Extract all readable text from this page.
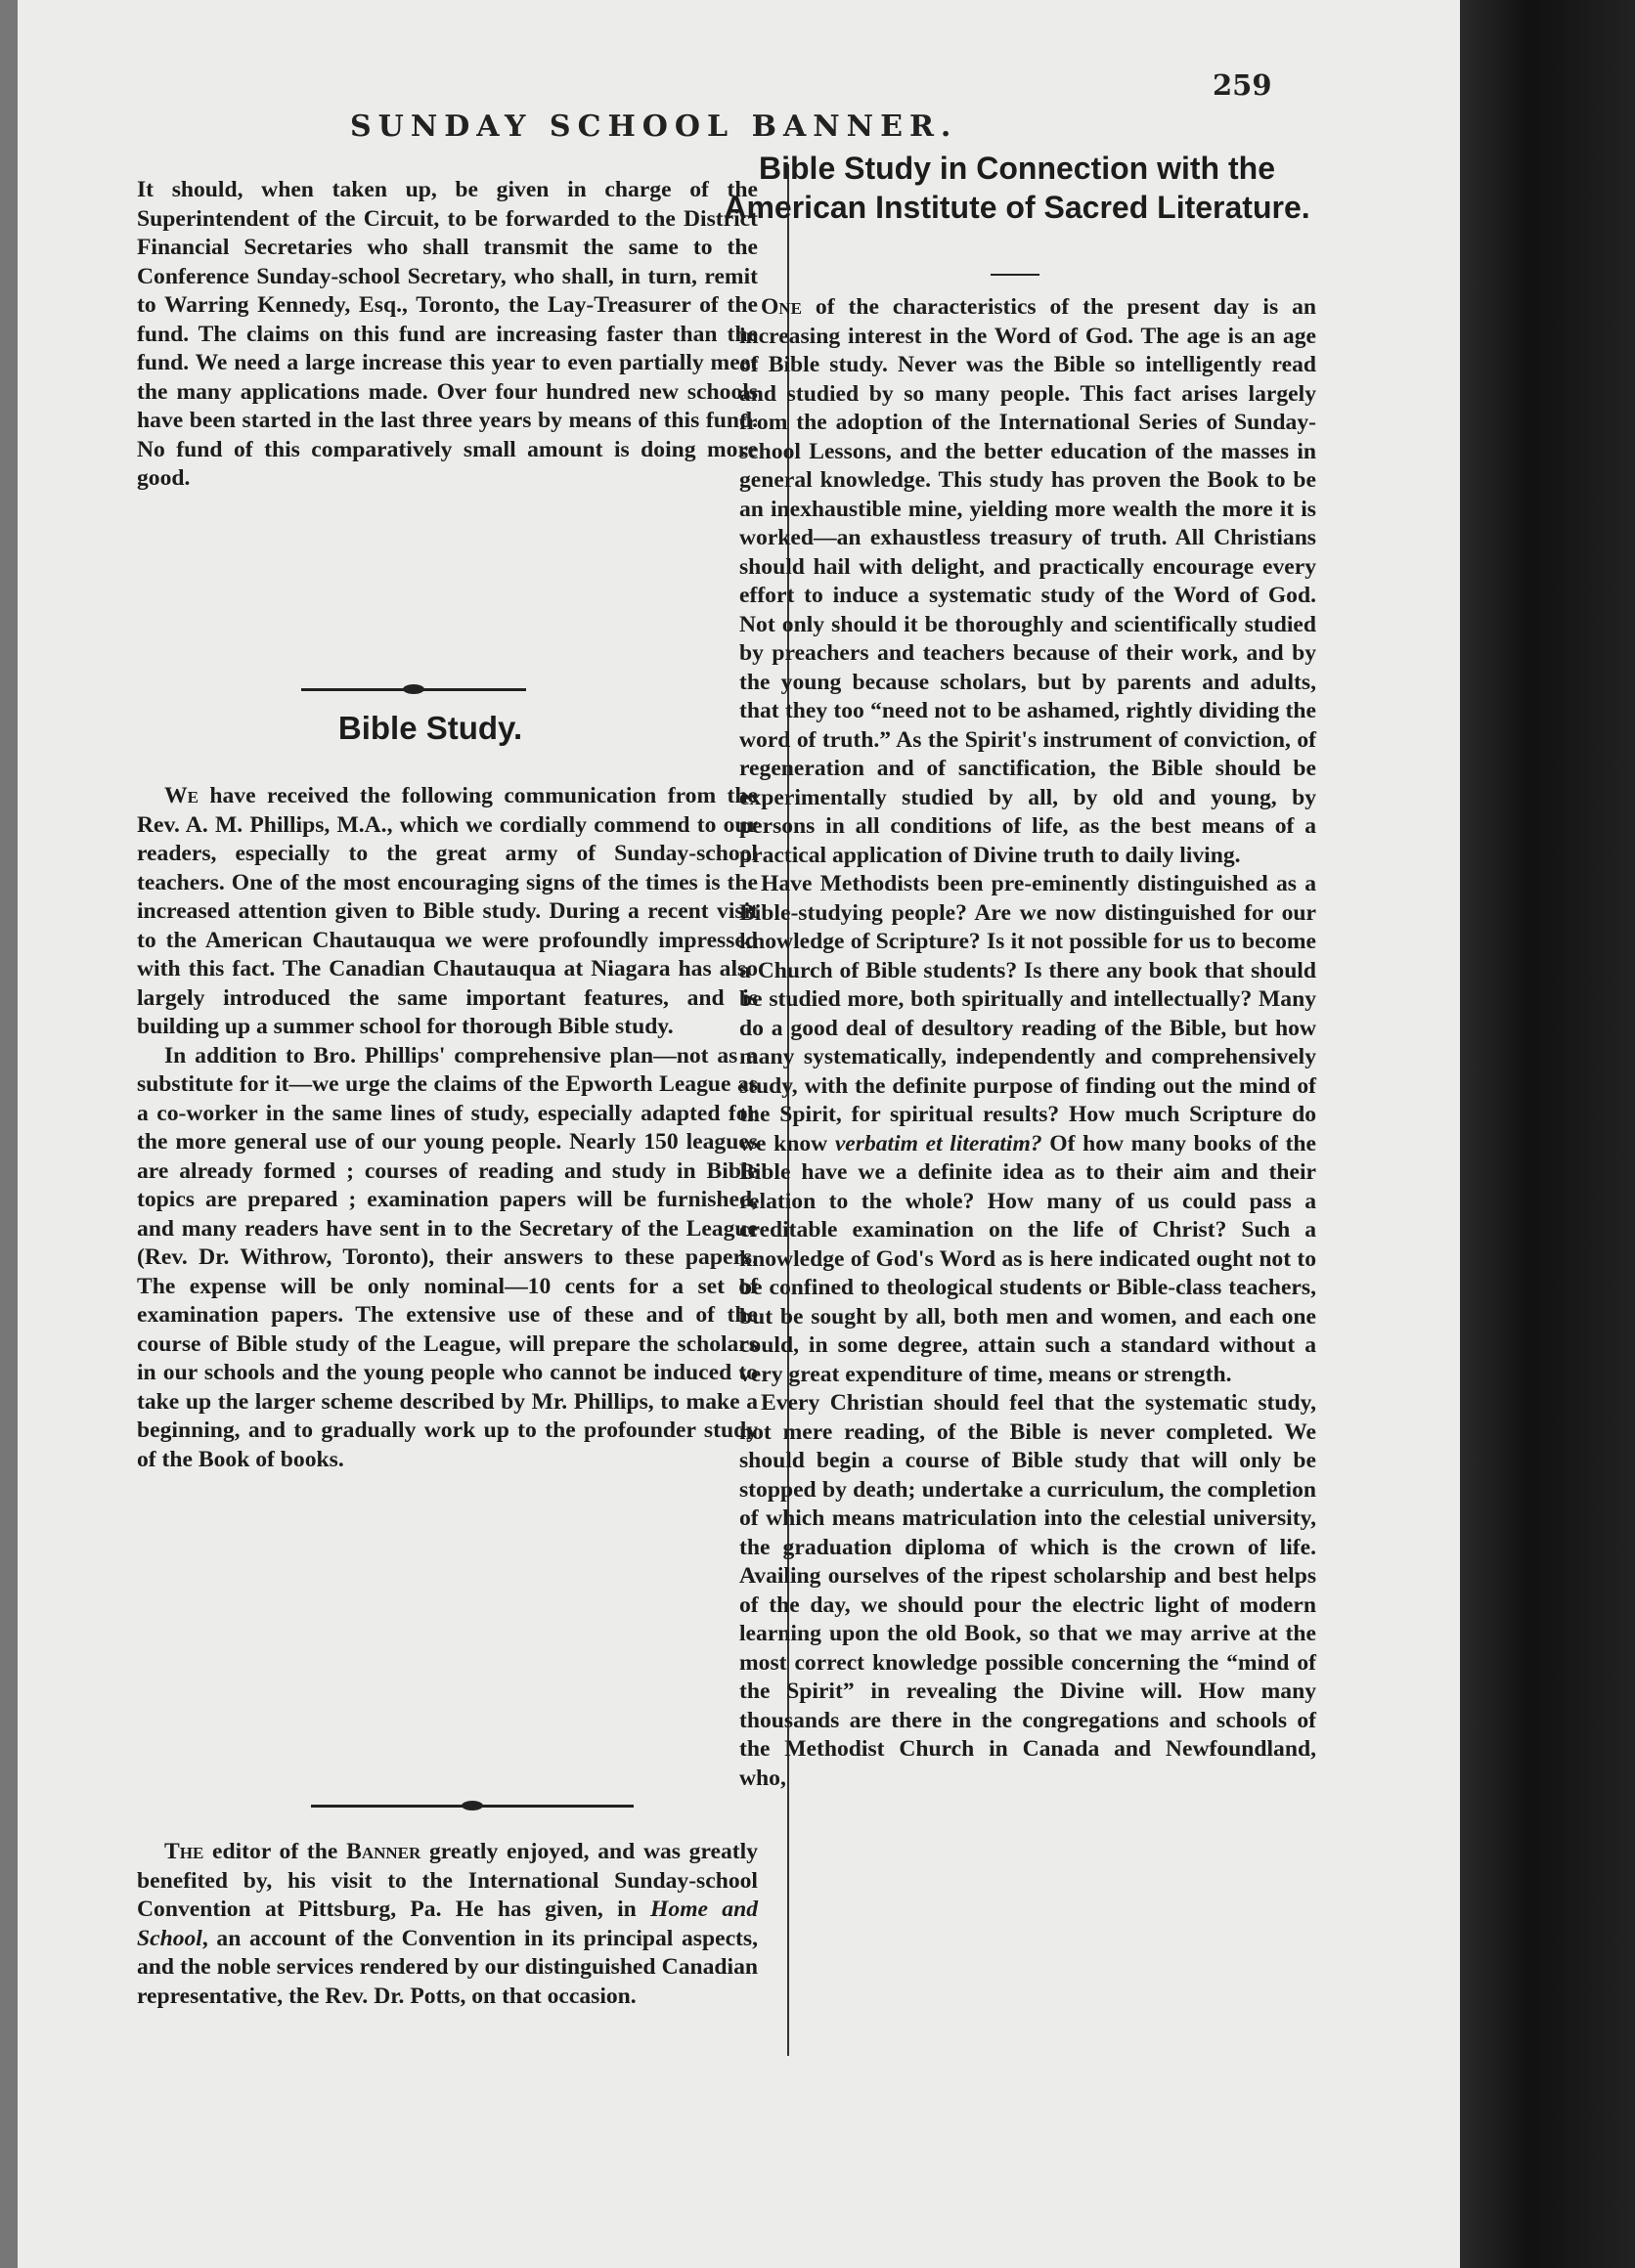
SUNDAY SCHOOL BANNER.
259

It should, when taken up, be given in charge of the Superintendent of the Circuit, to be forwarded to the District Financial Secretaries who shall transmit the same to the Conference Sunday-school Secretary, who shall, in turn, remit to Warring Kennedy, Esq., Toronto, the Lay-Treasurer of the fund. The claims on this fund are increasing faster than the fund. We need a large increase this year to even partially meet the many applications made. Over four hundred new schools have been started in the last three years by means of this fund. No fund of this comparatively small amount is doing more good.

Bible Study.

We have received the following communication from the Rev. A. M. Phillips, M.A., which we cordially commend to our readers, especially to the great army of Sunday-school teachers. One of the most encouraging signs of the times is the increased attention given to Bible study. During a recent visit to the American Chautauqua we were profoundly impressed with this fact. The Canadian Chautauqua at Niagara has also largely introduced the same important features, and is building up a summer school for thorough Bible study.

In addition to Bro. Phillips' comprehensive plan—not as a substitute for it—we urge the claims of the Epworth League as a co-worker in the same lines of study, especially adapted for the more general use of our young people. Nearly 150 leagues are already formed ; courses of reading and study in Bible topics are prepared ; examination papers will be furnished, and many readers have sent in to the Secretary of the League (Rev. Dr. Withrow, Toronto), their answers to these papers. The expense will be only nominal—10 cents for a set of examination papers. The extensive use of these and of the course of Bible study of the League, will prepare the scholars in our schools and the young people who cannot be induced to take up the larger scheme described by Mr. Phillips, to make a beginning, and to gradually work up to the profounder study of the Book of books.

The editor of the Banner greatly enjoyed, and was greatly benefited by, his visit to the International Sunday-school Convention at Pittsburg, Pa. He has given, in Home and School, an account of the Convention in its principal aspects, and the noble services rendered by our distinguished Canadian representative, the Rev. Dr. Potts, on that occasion.

Bible Study in Connection with the American Institute of Sacred Literature.

One of the characteristics of the present day is an increasing interest in the Word of God. The age is an age of Bible study. Never was the Bible so intelligently read and studied by so many people. This fact arises largely from the adoption of the International Series of Sunday-school Lessons, and the better education of the masses in general knowledge. This study has proven the Book to be an inexhaustible mine, yielding more wealth the more it is worked—an exhaustless treasury of truth. All Christians should hail with delight, and practically encourage every effort to induce a systematic study of the Word of God. Not only should it be thoroughly and scientifically studied by preachers and teachers because of their work, and by the young because scholars, but by parents and adults, that they too “need not to be ashamed, rightly dividing the word of truth.” As the Spirit's instrument of conviction, of regeneration and of sanctification, the Bible should be experimentally studied by all, by old and young, by persons in all conditions of life, as the best means of a practical application of Divine truth to daily living.

Have Methodists been pre-eminently distinguished as a Bible-studying people? Are we now distinguished for our knowledge of Scripture? Is it not possible for us to become a Church of Bible students? Is there any book that should be studied more, both spiritually and intellectually? Many do a good deal of desultory reading of the Bible, but how many systematically, independently and comprehensively study, with the definite purpose of finding out the mind of the Spirit, for spiritual results? How much Scripture do we know verbatim et literatim? Of how many books of the Bible have we a definite idea as to their aim and their relation to the whole? How many of us could pass a creditable examination on the life of Christ? Such a knowledge of God's Word as is here indicated ought not to be confined to theological students or Bible-class teachers, but be sought by all, both men and women, and each one could, in some degree, attain such a standard without a very great expenditure of time, means or strength.

Every Christian should feel that the systematic study, not mere reading, of the Bible is never completed. We should begin a course of Bible study that will only be stopped by death; undertake a curriculum, the completion of which means matriculation into the celestial university, the graduation diploma of which is the crown of life. Availing ourselves of the ripest scholarship and best helps of the day, we should pour the electric light of modern learning upon the old Book, so that we may arrive at the most correct knowledge possible concerning the “mind of the Spirit” in revealing the Divine will. How many thousands are there in the congregations and schools of the Methodist Church in Canada and Newfoundland, who,
